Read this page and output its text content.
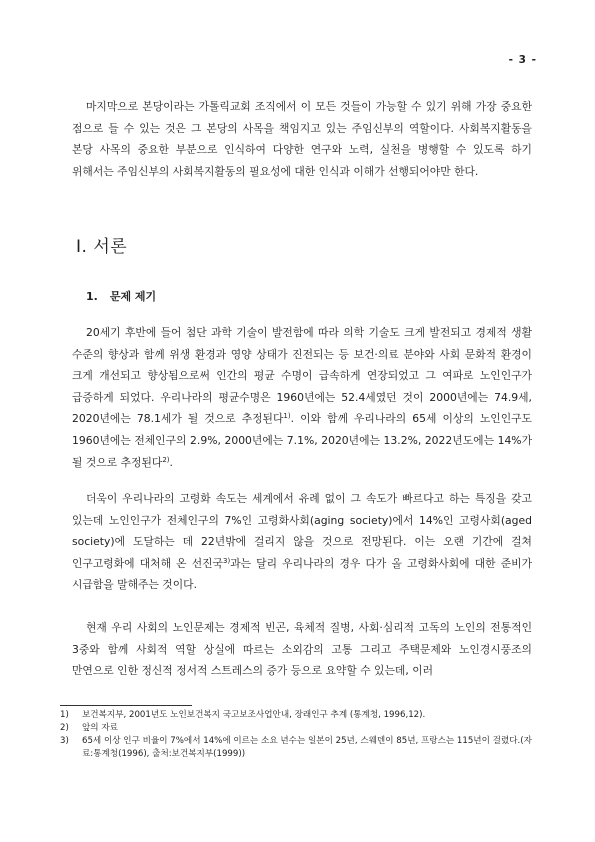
- 3 -

마지막으로 본당이라는 가톨릭교회 조직에서 이 모든 것들이 가능할 수 있기 위해 가장 중요한 점으로 들 수 있는 것은 그 본당의 사목을 책임지고 있는 주임신부의 역할이다. 사회복지활동을 본당 사목의 중요한 부분으로 인식하여 다양한 연구와 노력, 실천을 병행할 수 있도록 하기 위해서는 주임신부의 사회복지활동의 필요성에 대한 인식과 이해가 선행되어야만 한다.

Ⅰ. 서론
1. 문제 제기

20세기 후반에 들어 첨단 과학 기술이 발전함에 따라 의학 기술도 크게 발전되고 경제적 생활 수준의 향상과 함께 위생 환경과 영양 상태가 진전되는 등 보건·의료 분야와 사회 문화적 환경이 크게 개선되고 향상됨으로써 인간의 평균 수명이 급속하게 연장되었고 그 여파로 노인인구가 급증하게 되었다. 우리나라의 평균수명은 1960년에는 52.4세였던 것이 2000년에는 74.9세, 2020년에는 78.1세가 될 것으로 추정된다$^{1)}$. 이와 함께 우리나라의 65세 이상의 노인인구도 1960년에는 전체인구의 2.9%, 2000년에는 7.1%, 2020년에는 13.2%, 2022년도에는 14%가 될 것으로 추정된다$^{2)}$.

더욱이 우리나라의 고령화 속도는 세계에서 유례 없이 그 속도가 빠르다고 하는 특징을 갖고 있는데 노인인구가 전체인구의 7%인 고령화사회(aging society)에서 14%인 고령사회(aged society)에 도달하는 데 22년밖에 걸리지 않을 것으로 전망된다. 이는 오랜 기간에 걸쳐 인구고령화에 대처해 온 선진국$^{3)}$과는 달리 우리나라의 경우 다가 올 고령화사회에 대한 준비가 시급함을 말해주는 것이다.

현재 우리 사회의 노인문제는 경제적 빈곤, 육체적 질병, 사회·심리적 고독의 노인의 전통적인 3중와 함께 사회적 역할 상실에 따르는 소외감의 고통 그리고 주택문제와 노인경시풍조의 만연으로 인한 정신적 정서적 스트레스의 증가 등으로 요약할 수 있는데, 이러

1) 보건복지부, 2001년도 노인보건복지 국고보조사업안내, 장래인구 추계 (통계청, 1996,12).
2) 앞의 자료
3) 65세 이상 인구 비율이 7%에서 14%에 이르는 소요 년수는 일본이 25년, 스웨덴이 85년, 프랑스는 115년이 걸렸다.(자료:통계청(1996), 출처:보건복지부(1999))
